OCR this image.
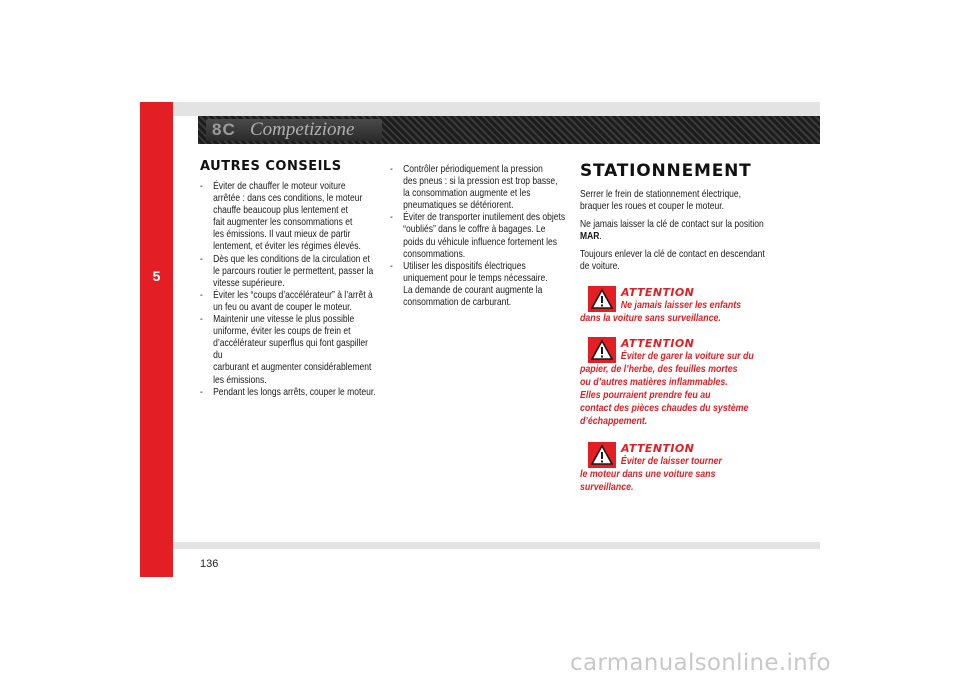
5
8C Competizione
AUTRES CONSEILS
- Éviter de chauffer le moteur voiture
arrêtée : dans ces conditions, le moteur
chauffe beaucoup plus lentement et
fait augmenter les consommations et
les émissions. Il vaut mieux de partir
lentement, et éviter les régimes élevés.
- Dès que les conditions de la circulation et
le parcours routier le permettent, passer la
vitesse supérieure.
- Éviter les “coups d’accélérateur” à l’arrêt à
un feu ou avant de couper le moteur.
- Maintenir une vitesse le plus possible
uniforme, éviter les coups de frein et
d’accélérateur superflus qui font gaspiller du
carburant et augmenter considérablement
les émissions.
- Pendant les longs arrêts, couper le moteur.
- Contrôler périodiquement la pression
des pneus : si la pression est trop basse,
la consommation augmente et les
pneumatiques se détériorent.
- Éviter de transporter inutilement des objets
“oubliés” dans le coffre à bagages. Le
poids du véhicule influence fortement les
consommations.
- Utiliser les dispositifs électriques
uniquement pour le temps nécessaire.
La demande de courant augmente la
consommation de carburant.
STATIONNEMENT

Serrer le frein de stationnement électrique,
braquer les roues et couper le moteur.

Ne jamais laisser la clé de contact sur la position
MAR.

Toujours enlever la clé de contact en descendant
de voiture.

ATTENTION
Ne jamais laisser les enfants
dans la voiture sans surveillance.
ATTENTION
Éviter de garer la voiture sur du
papier, de l’herbe, des feuilles mortes
ou d’autres matières inflammables.
Elles pourraient prendre feu au
contact des pièces chaudes du système
d’échappement.
ATTENTION
Éviter de laisser tourner
le moteur dans une voiture sans
surveillance.
136
carmanualsonline.info
